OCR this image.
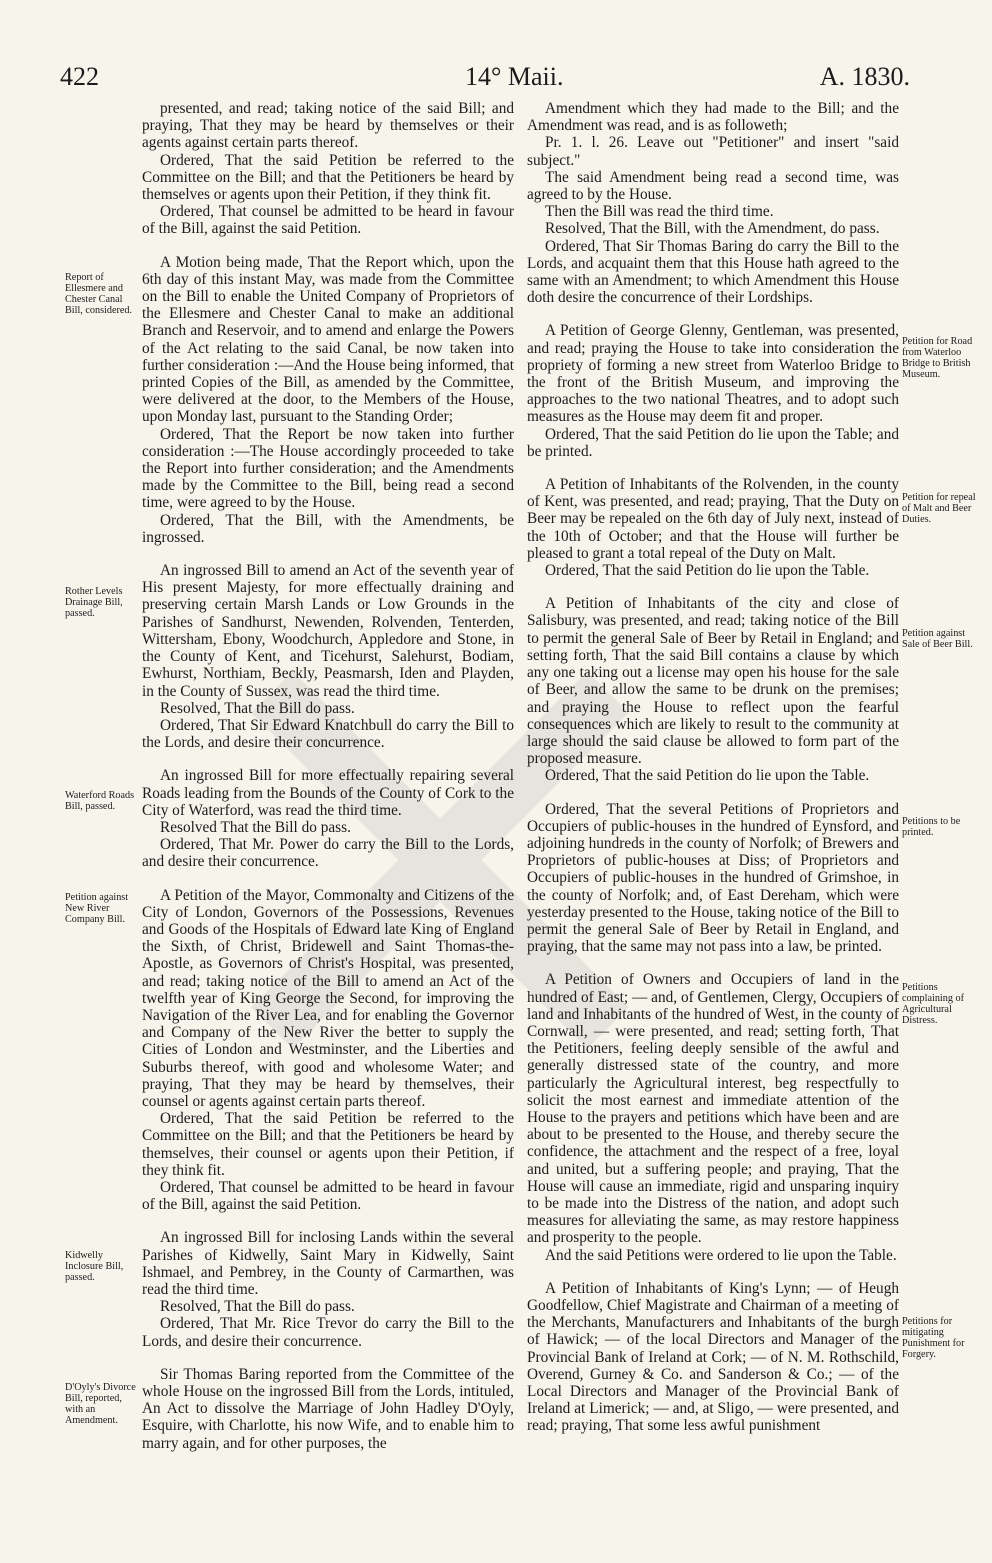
422	14° Maii.	A. 1830.

presented, and read; taking notice of the said Bill; and praying, That they may be heard by themselves or their agents against certain parts thereof.

Ordered, That the said Petition be referred to the Committee on the Bill; and that the Petitioners be heard by themselves or agents upon their Petition, if they think fit.

Ordered, That counsel be admitted to be heard in favour of the Bill, against the said Petition.

A Motion being made, That the Report which, upon the 6th day of this instant May, was made from the Committee on the Bill to enable the United Company of Proprietors of the Ellesmere and Chester Canal to make an additional Branch and Reservoir, and to amend and enlarge the Powers of the Act relating to the said Canal, be now taken into further consideration :—And the House being informed, that printed Copies of the Bill, as amended by the Committee, were delivered at the door, to the Members of the House, upon Monday last, pursuant to the Standing Order;

Ordered, That the Report be now taken into further consideration :—The House accordingly proceeded to take the Report into further consideration; and the Amendments made by the Committee to the Bill, being read a second time, were agreed to by the House.

Ordered, That the Bill, with the Amendments, be ingrossed.

An ingrossed Bill to amend an Act of the seventh year of His present Majesty, for more effectually draining and preserving certain Marsh Lands or Low Grounds in the Parishes of Sandhurst, Newenden, Rolvenden, Tenterden, Wittersham, Ebony, Woodchurch, Appledore and Stone, in the County of Kent, and Ticehurst, Salehurst, Bodiam, Ewhurst, Northiam, Beckly, Peasmarsh, Iden and Playden, in the County of Sussex, was read the third time.

Resolved, That the Bill do pass.

Ordered, That Sir Edward Knatchbull do carry the Bill to the Lords, and desire their concurrence.

An ingrossed Bill for more effectually repairing several Roads leading from the Bounds of the County of Cork to the City of Waterford, was read the third time.

Resolved That the Bill do pass.

Ordered, That Mr. Power do carry the Bill to the Lords, and desire their concurrence.

A Petition of the Mayor, Commonalty and Citizens of the City of London, Governors of the Possessions, Revenues and Goods of the Hospitals of Edward late King of England the Sixth, of Christ, Bridewell and Saint Thomas-the-Apostle, as Governors of Christ's Hospital, was presented, and read; taking notice of the Bill to amend an Act of the twelfth year of King George the Second, for improving the Navigation of the River Lea, and for enabling the Governor and Company of the New River the better to supply the Cities of London and Westminster, and the Liberties and Suburbs thereof, with good and wholesome Water; and praying, That they may be heard by themselves, their counsel or agents against certain parts thereof.

Ordered, That the said Petition be referred to the Committee on the Bill; and that the Petitioners be heard by themselves, their counsel or agents upon their Petition, if they think fit.

Ordered, That counsel be admitted to be heard in favour of the Bill, against the said Petition.

An ingrossed Bill for inclosing Lands within the several Parishes of Kidwelly, Saint Mary in Kidwelly, Saint Ishmael, and Pembrey, in the County of Carmarthen, was read the third time.

Resolved, That the Bill do pass.

Ordered, That Mr. Rice Trevor do carry the Bill to the Lords, and desire their concurrence.

Sir Thomas Baring reported from the Committee of the whole House on the ingrossed Bill from the Lords, intituled, An Act to dissolve the Marriage of John Hadley D'Oyly, Esquire, with Charlotte, his now Wife, and to enable him to marry again, and for other purposes, the

Amendment which they had made to the Bill; and the Amendment was read, and is as followeth;

Pr. 1. l. 26. Leave out "Petitioner" and insert "said subject."

The said Amendment being read a second time, was agreed to by the House.

Then the Bill was read the third time.

Resolved, That the Bill, with the Amendment, do pass.

Ordered, That Sir Thomas Baring do carry the Bill to the Lords, and acquaint them that this House hath agreed to the same with an Amendment; to which Amendment this House doth desire the concurrence of their Lordships.

A Petition of George Glenny, Gentleman, was presented, and read; praying the House to take into consideration the propriety of forming a new street from Waterloo Bridge to the front of the British Museum, and improving the approaches to the two national Theatres, and to adopt such measures as the House may deem fit and proper.

Ordered, That the said Petition do lie upon the Table; and be printed.

A Petition of Inhabitants of the Rolvenden, in the county of Kent, was presented, and read; praying, That the Duty on Beer may be repealed on the 6th day of July next, instead of the 10th of October; and that the House will further be pleased to grant a total repeal of the Duty on Malt.

Ordered, That the said Petition do lie upon the Table.

A Petition of Inhabitants of the city and close of Salisbury, was presented, and read; taking notice of the Bill to permit the general Sale of Beer by Retail in England; and setting forth, That the said Bill contains a clause by which any one taking out a license may open his house for the sale of Beer, and allow the same to be drunk on the premises; and praying the House to reflect upon the fearful consequences which are likely to result to the community at large should the said clause be allowed to form part of the proposed measure.

Ordered, That the said Petition do lie upon the Table.

Ordered, That the several Petitions of Proprietors and Occupiers of public-houses in the hundred of Eynsford, and adjoining hundreds in the county of Norfolk; of Brewers and Proprietors of public-houses at Diss; of Proprietors and Occupiers of public-houses in the hundred of Grimshoe, in the county of Norfolk; and, of East Dereham, which were yesterday presented to the House, taking notice of the Bill to permit the general Sale of Beer by Retail in England, and praying, that the same may not pass into a law, be printed.

A Petition of Owners and Occupiers of land in the hundred of East; — and, of Gentlemen, Clergy, Occupiers of land and Inhabitants of the hundred of West, in the county of Cornwall, — were presented, and read; setting forth, That the Petitioners, feeling deeply sensible of the awful and generally distressed state of the country, and more particularly the Agricultural interest, beg respectfully to solicit the most earnest and immediate attention of the House to the prayers and petitions which have been and are about to be presented to the House, and thereby secure the confidence, the attachment and the respect of a free, loyal and united, but a suffering people; and praying, That the House will cause an immediate, rigid and unsparing inquiry to be made into the Distress of the nation, and adopt such measures for alleviating the same, as may restore happiness and prosperity to the people.

And the said Petitions were ordered to lie upon the Table.

A Petition of Inhabitants of King's Lynn; — of Heugh Goodfellow, Chief Magistrate and Chairman of a meeting of the Merchants, Manufacturers and Inhabitants of the burgh of Hawick; — of the local Directors and Manager of the Provincial Bank of Ireland at Cork; — of N. M. Rothschild, Overend, Gurney & Co. and Sanderson & Co.; — of the Local Directors and Manager of the Provincial Bank of Ireland at Limerick; — and, at Sligo, — were presented, and read; praying, That some less awful punishment

Report of Ellesmere and Chester Canal Bill, considered.
Rother Levels Drainage Bill, passed.
Waterford Roads Bill, passed.
Petition against New River Company Bill.
Kidwelly Inclosure Bill, passed.
D'Oyly's Divorce Bill, reported, with an Amendment.
Petition for Road from Waterloo Bridge to British Museum.
Petition for repeal of Malt and Beer Duties.
Petition against Sale of Beer Bill.
Petitions to be printed.
Petitions complaining of Agricultural Distress.
Petitions for mitigating Punishment for Forgery.
